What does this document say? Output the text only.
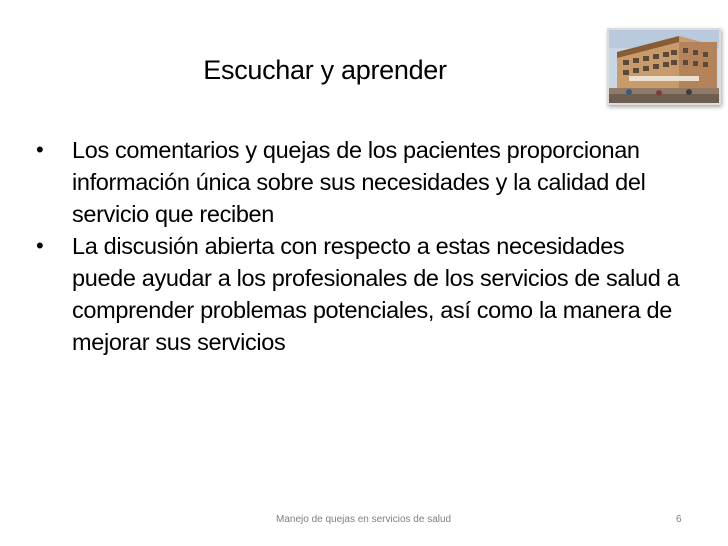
Escuchar y aprender
• Los comentarios y quejas de los pacientes proporcionan información única sobre sus necesidades y la calidad del servicio que reciben
• La discusión abierta con respecto a estas necesidades puede ayudar a los profesionales de los servicios de salud a comprender problemas potenciales, así como la manera de mejorar sus servicios
Manejo de quejas en servicios de salud	6
